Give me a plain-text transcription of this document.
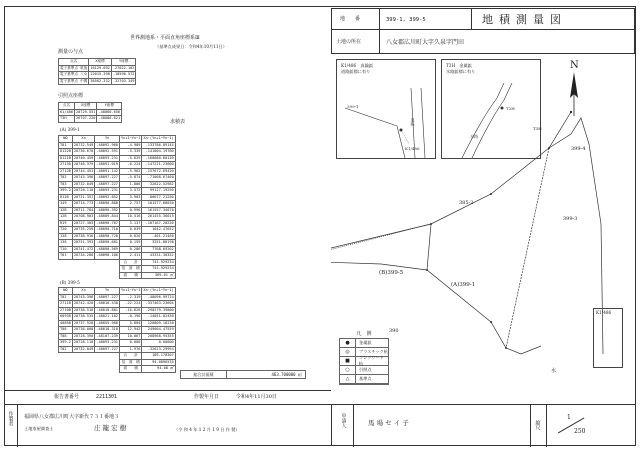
地　　番	399-1, 399-5	地積測量図
土地の所在	八女郡広川町大字久泉字門田
世界測地系・平面直角座標系Ⅲ
（基準点成果日：令和4年10月11日）
測量の与点
点名	X座標	Y座標
電子基準点 筑後	16129.092	-27022.102
電子基準点 八女	22015.398	-18596.572
電子基準点 中間	36562.332	-32703.349
引照点座標
点名	X座標	Y座標
K1/486	20729.551	-48060.656
T3H	26707.220	-48080.621
求積表
(A) 399-1
NO	Xn	Yn	Yn+1−Yn−1	Xn·(Yn+1−Yn−1)
T01	20732.549	-48092.960	-4.909	-133786.89145
D122B	20736.670	-48092.591	-5.339	-141004.19760
D121B	20740.459	-48093.231	-5.629	-160680.60120
27130	20746.379	-48091.019	-6.224	-147221.23600
2712B	20744.451	-48091.142	-5.962	-157672.69420
T02	20743.396	-48097.227	-5.874	-71068.67460
T03	20732.049	-48097.227	1.806	32822.52982
399-2	20728.110	-48093.231	3.572	99127.19250
R12B	20721.357	-48092.852	3.903	80677.21250
149	20714.773	-48090.888	2.757	101577.68030
12B	20711.784	-48090.392	0.996	161557.34070
12B	20708.903	-48089.844	10.516	261455.36015
R19	20727.303	-48090.707	3.137	-107167.28220
T20	20735.259	-48090.710	0.039	1042.47652
138	20738.916	-48090.728	0.026	-401.21460
138	20751.393	-48090.681	0.159	3251.88198
T10	20741.472	-48090.569	0.286	7768.69202
T01	20734.200	-48090.106	2.411	43331.30352
			合　　計	741.929234
			倍　面　積	741.929234
			面　　積	369.61 ㎡
(B) 399-5
NO	Xn	Yn	Yn+1−Yn−1	Xn·(Yn+1−Yn−1)
T02	20743.396	-48097.227	-2.319	-48096.99724
2711B	20742.420	-48010.438	-22.224	-337463.23604
2710B	20738.510	-48010.881	-16.826	-290279.39800
K093B	20738.535	-48021.102	-0.196	-14051.02430
4085B	20737.928	-48055.988	5.804	120809.16230
T08	20738.000	-48018.318	12.942	249004.47559
T08	20728.390	-48107.239	10.067	208968.95355
399-2	20728.110	-48093.231	0.000	0.00000
T02	20732.049	-48097.227	1.976	-32623.29994
			合　　計	189.178307
			倍　面　積	94.0896535
			面　　積	94.08 ㎡
総合計面積	463.700000 ㎡
報告書番号	2211301	作製年月日	令和4年11月30日
作製者 福岡県八女郡広川町大字新代７３１番地３
土地家屋調査士	庄 籠 宏 樹	（令 和 4 年 1 2 月 1 9 日 作 製）
申請人	馬 場 セ イ 子	縮尺
1
250
K1/486　真鍮鋲
道路鋲標に有り
399-1
K1/486
道路
T3H　金属鋲
水路鋲標に有り
T3H
水路
N
(A)399-1
(B)399-5
399-4
399-3
385-2
390
水
T3H
K1/486
凡　例
●	金属鋲
◎	プラスチック杭
■	コンクリート杭
○	引照点
△	基準点
